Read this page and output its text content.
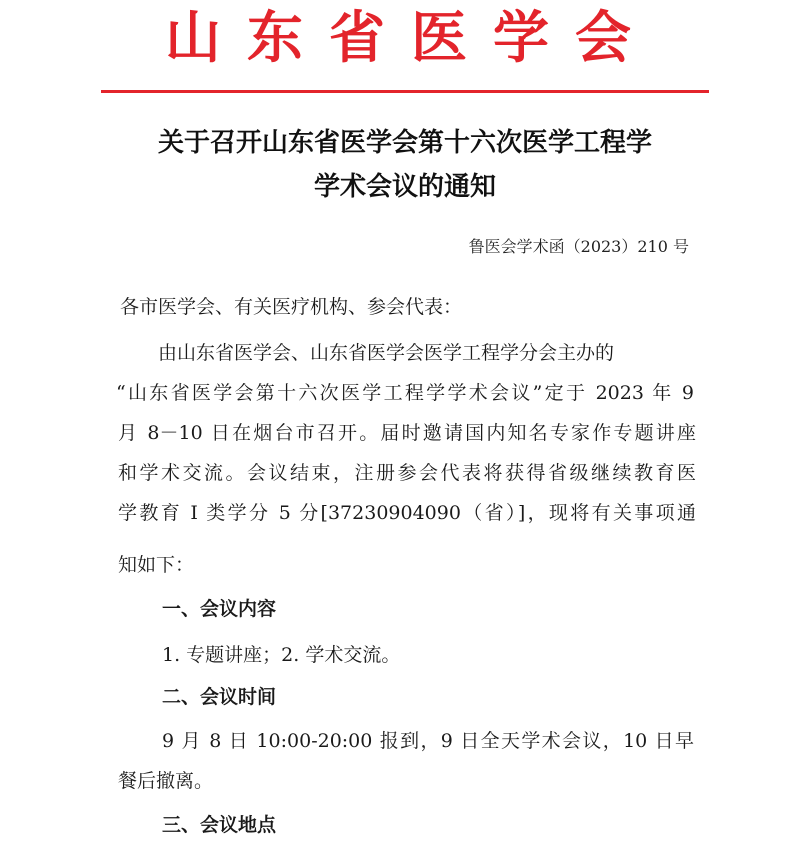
山东省医学会
关于召开山东省医学会第十六次医学工程学
学术会议的通知
鲁医会学术函（2023）210 号
各市医学会、有关医疗机构、参会代表：
由山东省医学会、山东省医学会医学工程学分会主办的
“山东省医学会第十六次医学工程学学术会议”定于 2023 年 9
月 8－10 日在烟台市召开。届时邀请国内知名专家作专题讲座
和学术交流。会议结束，注册参会代表将获得省级继续教育医
学教育 I 类学分 5 分[37230904090（省）]，现将有关事项通
知如下：
一、会议内容
1. 专题讲座；2. 学术交流。
二、会议时间
9 月 8 日 10:00-20:00 报到，9 日全天学术会议，10 日早
餐后撤离。
三、会议地点
